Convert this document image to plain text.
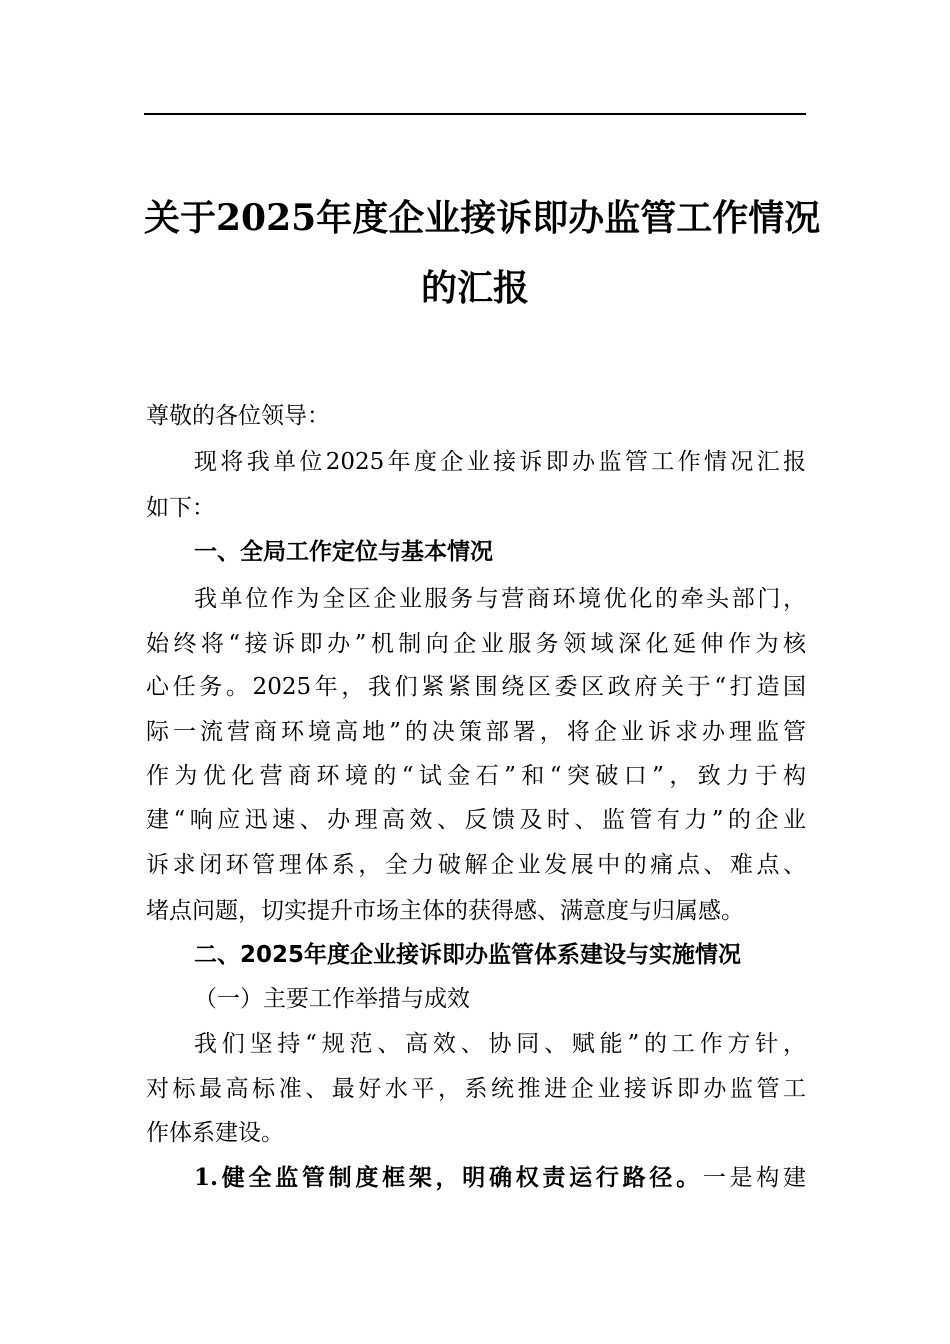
关于2025年度企业接诉即办监管工作情况
的汇报
尊敬的各位领导：
现将我单位2025年度企业接诉即办监管工作情况汇报
如下：
一、全局工作定位与基本情况
我单位作为全区企业服务与营商环境优化的牵头部门，
始终将“接诉即办”机制向企业服务领域深化延伸作为核
心任务。2025年，我们紧紧围绕区委区政府关于“打造国
际一流营商环境高地”的决策部署，将企业诉求办理监管
作为优化营商环境的“试金石”和“突破口”，致力于构
建“响应迅速、办理高效、反馈及时、监管有力”的企业
诉求闭环管理体系，全力破解企业发展中的痛点、难点、
堵点问题，切实提升市场主体的获得感、满意度与归属感。
二、2025年度企业接诉即办监管体系建设与实施情况
（一）主要工作举措与成效
我们坚持“规范、高效、协同、赋能”的工作方针，
对标最高标准、最好水平，系统推进企业接诉即办监管工
作体系建设。
1.健全监管制度框架，明确权责运行路径。一是构建
